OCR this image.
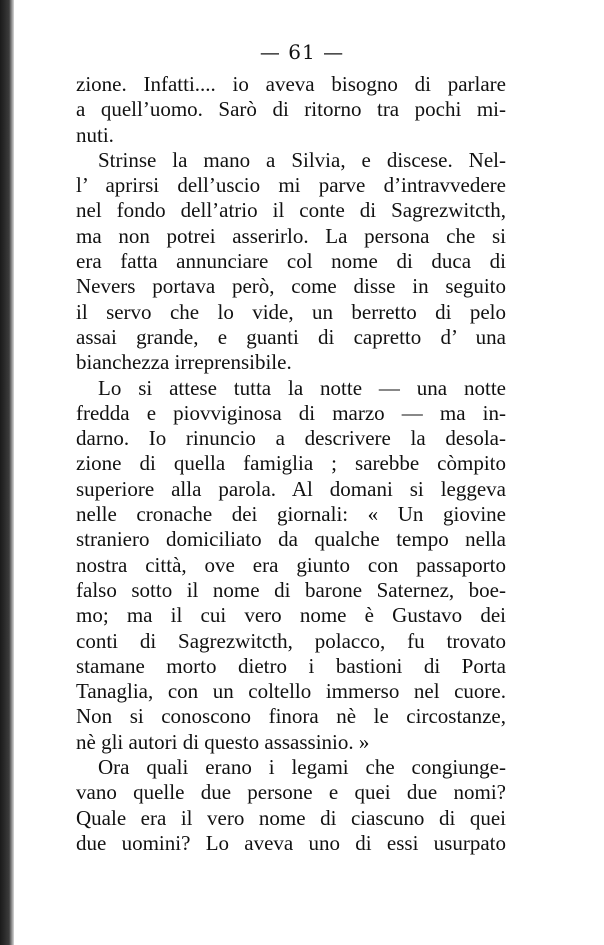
— 61 —
zione. Infatti.... io aveva bisogno di parlare
a quell’uomo. Sarò di ritorno tra pochi mi-
nuti.
Strinse la mano a Silvia, e discese. Nel-
l’ aprirsi dell’uscio mi parve d’intravvedere
nel fondo dell’atrio il conte di Sagrezwitcth,
ma non potrei asserirlo. La persona che si
era fatta annunciare col nome di duca di
Nevers portava però, come disse in seguito
il servo che lo vide, un berretto di pelo
assai grande, e guanti di capretto d’ una
bianchezza irreprensibile.
Lo si attese tutta la notte — una notte
fredda e piovviginosa di marzo — ma in-
darno. Io rinuncio a descrivere la desola-
zione di quella famiglia ; sarebbe còmpito
superiore alla parola. Al domani si leggeva
nelle cronache dei giornali: « Un giovine
straniero domiciliato da qualche tempo nella
nostra città, ove era giunto con passaporto
falso sotto il nome di barone Saternez, boe-
mo; ma il cui vero nome è Gustavo dei
conti di Sagrezwitcth, polacco, fu trovato
stamane morto dietro i bastioni di Porta
Tanaglia, con un coltello immerso nel cuore.
Non si conoscono finora nè le circostanze,
nè gli autori di questo assassinio. »
Ora quali erano i legami che congiunge-
vano quelle due persone e quei due nomi?
Quale era il vero nome di ciascuno di quei
due uomini? Lo aveva uno di essi usurpato
